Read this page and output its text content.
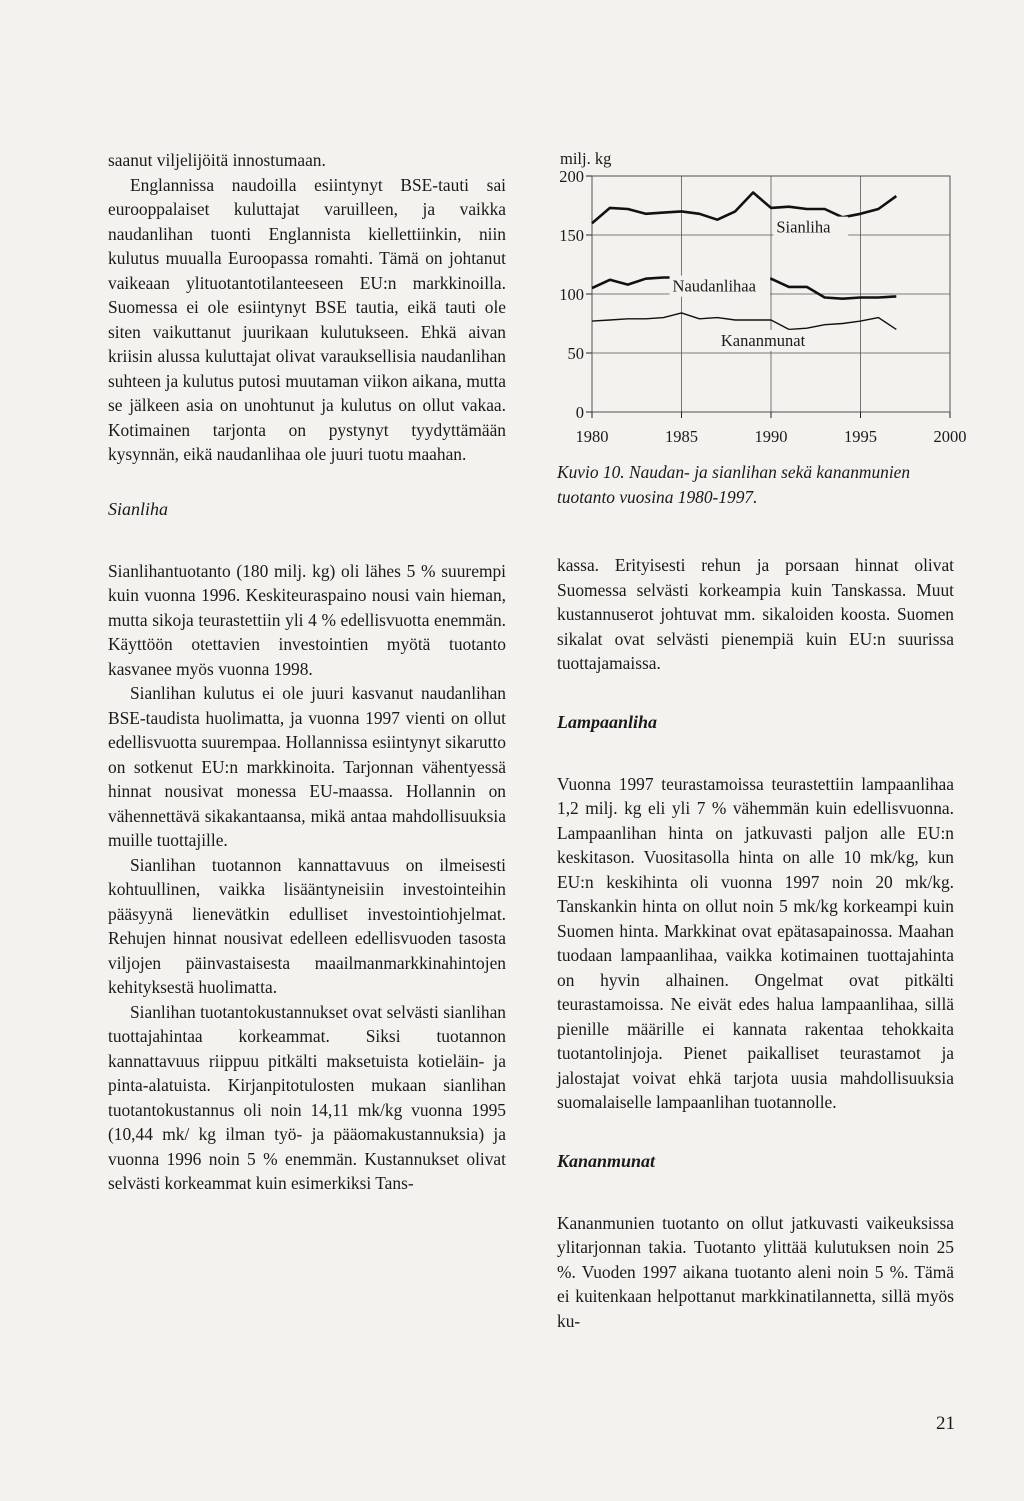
saanut viljelijöitä innostumaan.

Englannissa naudoilla esiintynyt BSE-tauti sai eurooppalaiset kuluttajat varuilleen, ja vaikka naudanlihan tuonti Englannista kiellettiinkin, niin kulutus muualla Euroopassa romahti. Tämä on johtanut vaikeaan ylituotantotilanteeseen EU:n markkinoilla. Suomessa ei ole esiintynyt BSE tautia, eikä tauti ole siten vaikuttanut juurikaan kulutukseen. Ehkä aivan kriisin alussa kuluttajat olivat varauksellisia naudanlihan suhteen ja kulutus putosi muutaman viikon aikana, mutta se jälkeen asia on unohtunut ja kulutus on ollut vakaa. Kotimainen tarjonta on pystynyt tyydyttämään kysynnän, eikä naudanlihaa ole juuri tuotu maahan.

Sianliha

Sianlihantuotanto (180 milj. kg) oli lähes 5 % suurempi kuin vuonna 1996. Keskiteuraspaino nousi vain hieman, mutta sikoja teurastettiin yli 4 % edellisvuotta enemmän. Käyttöön otettavien investointien myötä tuotanto kasvanee myös vuonna 1998.

Sianlihan kulutus ei ole juuri kasvanut naudanlihan BSE-taudista huolimatta, ja vuonna 1997 vienti on ollut edellisvuotta suurempaa. Hollannissa esiintynyt sikarutto on sotkenut EU:n markkinoita. Tarjonnan vähentyessä hinnat nousivat monessa EU-maassa. Hollannin on vähennettävä sikakantaansa, mikä antaa mahdollisuuksia muille tuottajille.

Sianlihan tuotannon kannattavuus on ilmeisesti kohtuullinen, vaikka lisääntyneisiin investointeihin pääsyynä lienevätkin edulliset investointiohjelmat. Rehujen hinnat nousivat edelleen edellisvuoden tasosta viljojen päinvastaisesta maailmanmarkkinahintojen kehityksestä huolimatta.

Sianlihan tuotantokustannukset ovat selvästi sianlihan tuottajahintaa korkeammat. Siksi tuotannon kannattavuus riippuu pitkälti maksetuista kotieläin- ja pinta-alatuista. Kirjanpitotulosten mukaan sianlihan tuotantokustannus oli noin 14,11 mk/kg vuonna 1995 (10,44 mk/ kg ilman työ- ja pääomakustannuksia) ja vuonna 1996 noin 5 % enemmän. Kustannukset olivat selvästi korkeammat kuin esimerkiksi Tans-

0
50
100
150
200
1980	1985	1990	1995	2000
milj. kg
Sianliha
Naudanlihaa
Kananmunat
Kuvio 10. Naudan- ja sianlihan sekä kananmunien tuotanto vuosina 1980-1997.

kassa. Erityisesti rehun ja porsaan hinnat olivat Suomessa selvästi korkeampia kuin Tanskassa. Muut kustannuserot johtuvat mm. sikaloiden koosta. Suomen sikalat ovat selvästi pienempiä kuin EU:n suurissa tuottajamaissa.

Lampaanliha

Vuonna 1997 teurastamoissa teurastettiin lampaanlihaa 1,2 milj. kg eli yli 7 % vähemmän kuin edellisvuonna. Lampaanlihan hinta on jatkuvasti paljon alle EU:n keskitason. Vuositasolla hinta on alle 10 mk/kg, kun EU:n keskihinta oli vuonna 1997 noin 20 mk/kg. Tanskankin hinta on ollut noin 5 mk/kg korkeampi kuin Suomen hinta. Markkinat ovat epätasapainossa. Maahan tuodaan lampaanlihaa, vaikka kotimainen tuottajahinta on hyvin alhainen. Ongelmat ovat pitkälti teurastamoissa. Ne eivät edes halua lampaanlihaa, sillä pienille määrille ei kannata rakentaa tehokkaita tuotantolinjoja. Pienet paikalliset teurastamot ja jalostajat voivat ehkä tarjota uusia mahdollisuuksia suomalaiselle lampaanlihan tuotannolle.

Kananmunat

Kananmunien tuotanto on ollut jatkuvasti vaikeuksissa ylitarjonnan takia. Tuotanto ylittää kulutuksen noin 25 %. Vuoden 1997 aikana tuotanto aleni noin 5 %. Tämä ei kuitenkaan helpottanut markkinatilannetta, sillä myös ku-

21
